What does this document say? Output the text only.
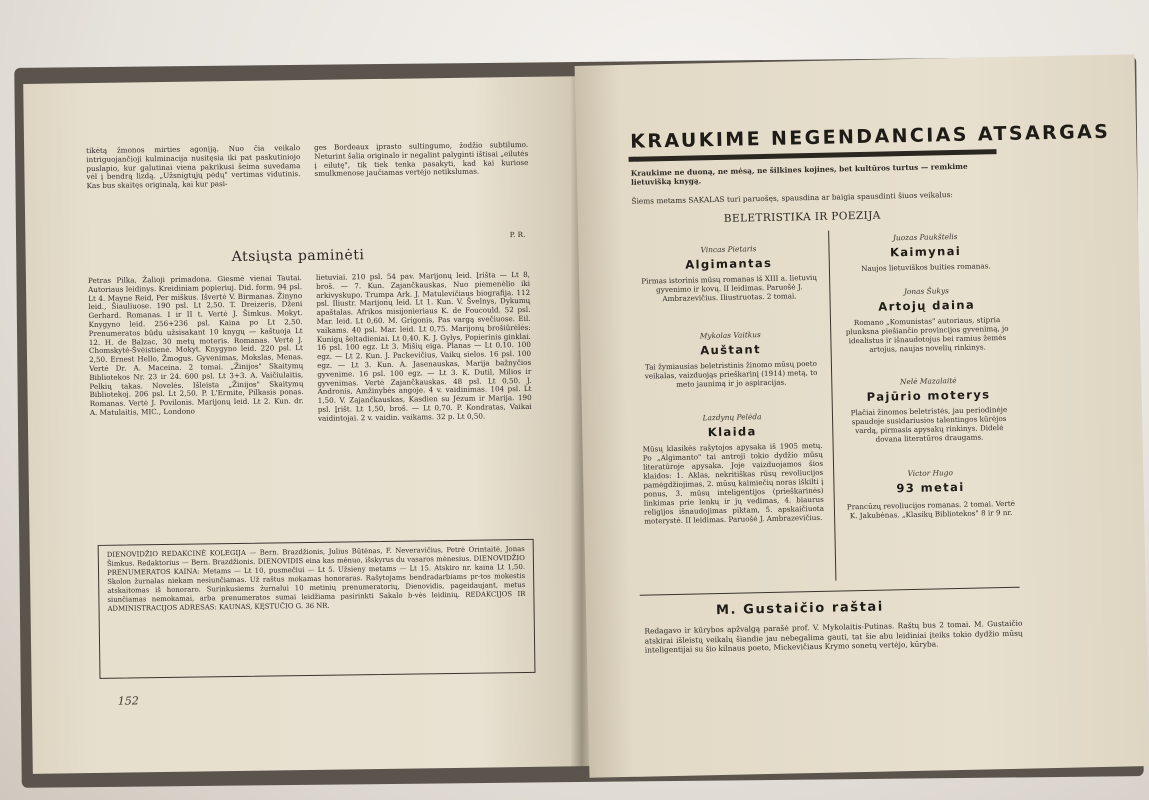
tikėtą žmonos mirties agoniją. Nuo čia veikalo intriguojančioji kulminacija nusitęsia iki pat paskutiniojo puslapio, kur galutinai viena pakrikusi šeima suvedama vėl į bendrą lizdą. „Užsnigtųjų pėdų" vertimas vidutinis. Kas bus skaitęs originalą, kai kur pasi-
ges Bordeaux įprasto sultingumo, žodžio subtilumo. Neturint šalia originalo ir negalint palyginti ištisai „eilutės į eilutę", tik tiek tenka pasakyti, kad kai kuriose smulkmenose jaučiamas vertėjo netikslumas.
P. R.
Atsiųsta paminėti
Petras Pilka, Žalioji primadona. Giesmė vienai Tautai. Autoriaus leidinys. Kreidiniam popieriuj. Did. form. 94 psl. Lt 4. Mayne Reid, Per miškus. Išvertė V. Birmanas. Žinyno leid., Šiauliuose. 190 psl. Lt 2,50. T. Dreizeris, Dženi Gerhard. Romanas. I ir II t. Vertė J. Šimkus. Mokyt. Knygyno leid. 256+236 psl. Kaina po Lt 2,50. Prenumeratos būdu užsisakant 10 knygų — kaštuoja Lt 12. H. de Balzac, 30 metų moteris. Romanas. Vertė J. Chomskytė-Švėistienė. Mokyt. Knygyno leid. 220 psl. Lt 2,50. Ernest Hello, Žmogus. Gyvenimas, Mokslas, Menas. Vertė Dr. A. Maceina. 2 tomai. „Žinijos" Skaitymų Bibliotekos Nr. 23 ir 24. 600 psl. Lt 3+3. A. Vaičiulaitis, Pelkių takas. Novelės. Išleista „Žinijos" Skaitymų Bibliotekoj. 206 psl. Lt 2,50. P. L'Ermite, Pilkasis ponas. Romanas. Vertė J. Povilonis. Marijonų leid. Lt 2. Kun. dr. A. Matulaitis, MIC., Londono
lietuviai. 210 psl. 54 pav. Marijonų leid. Įrišta — Lt 8, broš. — 7. Kun. Zajančkauskas, Nuo piemenėlio iki arkivyskupo. Trumpa Ark. J. Matulevičiaus biografija. 112 psl. Iliustr. Marijonų leid. Lt 1. Kun. V. Švelnys, Dykumų apaštalas. Afrikos misijonieriaus K. de Foucould. 52 psl. Mar. leid. Lt 0,60. M. Grigonis, Pas vargą svečiuose. Eil. vaikams. 40 psl. Mar. leid. Lt 0,75. Marijonų brošiūrėlės: Kunigų šeltadieniai. Lt 0,40. K. J. Gylys, Popierinis ginklai. 16 psl. 100 egz. Lt 3. Mišių eiga. Planas — Lt 0,10. 100 egz. — Lt 2. Kun. J. Packevičius, Vaikų sielos. 16 psl. 100 egz. — Lt 3. Kun. A. Jasenauskas, Marija bažnyčios gyvenime. 16 psl. 100 egz. — Lt 3. K. Dutil, Milios ir gyvenimas. Vertė Zajančkauskas. 48 psl. Lt 0,50. J. Andronis, Amžinybės angoje. 4 v. vaidinimas. 104 psl. Lt 1,50. V. Zajančkauskas, Kasdien su Jėzum ir Marija. 190 psl. Įrišt. Lt 1,50, broš. — Lt 0,70. P. Kondratas, Vaikai vaidintojai. 2 v. vaidin. vaikams. 32 p. Lt 0,50.
DIENOVIDŽIO REDAKCINĖ KOLEGIJA — Bern. Brazdžionis, Julius Būtėnas, F. Neveravičius, Petrė Orintaitė, Jonas Šimkus. Redaktorius — Bern. Brazdžionis. DIENOVIDIS eina kas mėnuo, išskyrus du vasaros mėnesius. DIENOVIDŽIO PRENUMERATOS KAINA: Metams — Lt 10, pusmečiui — Lt 5. Užsieny metams — Lt 15. Atskiro nr. kaina Lt 1,50. Skolon žurnalas niekam nesiunčiamas. Už raštus mokamas honoraras. Rašytojams bendradarbiams pr-tos mokestis atskaitomas iš honoraro. Surinkusiems žurnalui 10 metinių prenumeratorių, Dienovidis, pageidaujant, metus siunčiamas nemokamai, arba prenumeratos sumai leidžiama pasirinkti Sakalo b-vės leidinių. REDAKCIJOS IR ADMINISTRACIJOS ADRESAS: KAUNAS, KĘSTUČIO G. 36 NR.
152
KRAUKIME NEGENDANCIAS ATSARGAS
Kraukime ne duoną, ne mėsą, ne šilkines kojines, bet kultūros turtus — remkime lietuvišką knygą.
Šiems metams SAKALAS turi paruošęs, spausdina ar baigia spausdinti šiuos veikalus:
BELETRISTIKA IR POEZIJA
Vincas Pietaris
Algimantas
Pirmas istorinis mūsų romanas iš XIII a. lietuvių gyvenimo ir kovų. II leidimas. Paruošė J. Ambrazevičius. Iliustruotas. 2 tomai.
Mykolas Vaitkus
Auštant
Tai žymiausias beletristinis žinomo mūsų poeto veikalas, vaizduojąs prieškarinį (1914) metą, to meto jaunimą ir jo aspiracijas.
Lazdynų Pelėda
Klaida
Mūsų klasikės rašytojos apysaka iš 1905 metų. Po „Algimanto" tai antroji tokio dydžio mūsų literatūroje apysaka. Joje vaizduojamos šios klaidos: 1. Aklas, nekritiškas rūsų revoliucijos pamėgdžiojimas, 2. mūsų kaimiečių noras iškilti į ponus, 3. mūsų inteligentijos (prieškarinės) linkimas prie lenkų ir jų vedimas, 4. biaurus religijos išnaudojimas piktam, 5. apskaičiuota moterystė. II leidimas. Paruošė J. Ambrazevičius.
Juozas Paukštelis
Kaimynai
Naujos lietuviškos buities romanas.
Jonas Šukys
Artojų daina
Romano „Komunistas" autoriaus, stipria plunksna piešiančio provincijos gyvenimą, jo idealistus ir išnaudotojus bei ramius žemės artojus, naujas novelių rinkinys.
Nelė Mazalaitė
Pajūrio moterys
Plačiai žinomos beletristės, jau periodinėje spaudoje susidariusios talentingos kūrėjos vardą, pirmasis apysakų rinkinys. Didelė dovana literatūros draugams.
Victor Hugo
93 metai
Prancūzų revoliucijos romanas. 2 tomai. Vertė K. Jakubėnas. „Klasikų Bibliotekos" 8 ir 9 nr.
M. Gustaičio raštai
Redagavo ir kūrybos apžvalgą parašė prof. V. Mykolaitis-Putinas. Raštų bus 2 tomai. M. Gustaičio atskirai išleistų veikalų šiandie jau nebegalima gauti, tat šie abu leidiniai įteiks tokio dydžio mūsų inteligentijai su šio kilnaus poeto, Mickevičiaus Krymo sonetų vertėjo, kūryba.
